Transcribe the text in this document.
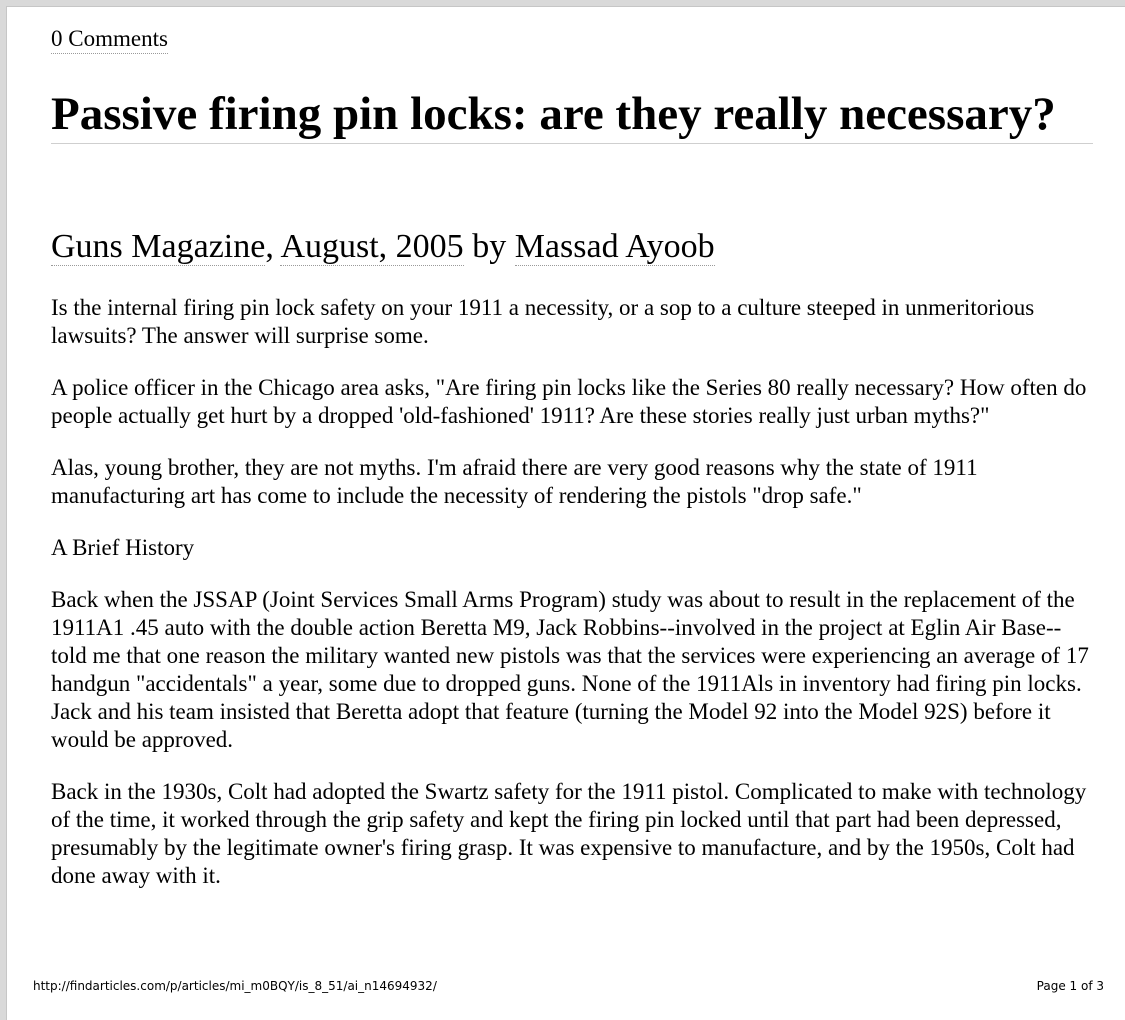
0 Comments
Passive firing pin locks: are they really necessary?
Guns Magazine, August, 2005 by Massad Ayoob

Is the internal firing pin lock safety on your 1911 a necessity, or a sop to a culture steeped in unmeritorious lawsuits? The answer will surprise some.

A police officer in the Chicago area asks, "Are firing pin locks like the Series 80 really necessary? How often do people actually get hurt by a dropped 'old-fashioned' 1911? Are these stories really just urban myths?"

Alas, young brother, they are not myths. I'm afraid there are very good reasons why the state of 1911 manufacturing art has come to include the necessity of rendering the pistols "drop safe."

A Brief History

Back when the JSSAP (Joint Services Small Arms Program) study was about to result in the replacement of the 1911A1 .45 auto with the double action Beretta M9, Jack Robbins--involved in the project at Eglin Air Base--told me that one reason the military wanted new pistols was that the services were experiencing an average of 17 handgun "accidentals" a year, some due to dropped guns. None of the 1911Als in inventory had firing pin locks. Jack and his team insisted that Beretta adopt that feature (turning the Model 92 into the Model 92S) before it would be approved.

Back in the 1930s, Colt had adopted the Swartz safety for the 1911 pistol. Complicated to make with technology of the time, it worked through the grip safety and kept the firing pin locked until that part had been depressed, presumably by the legitimate owner's firing grasp. It was expensive to manufacture, and by the 1950s, Colt had done away with it.

http://findarticles.com/p/articles/mi_m0BQY/is_8_51/ai_n14694932/	Page 1 of 3
